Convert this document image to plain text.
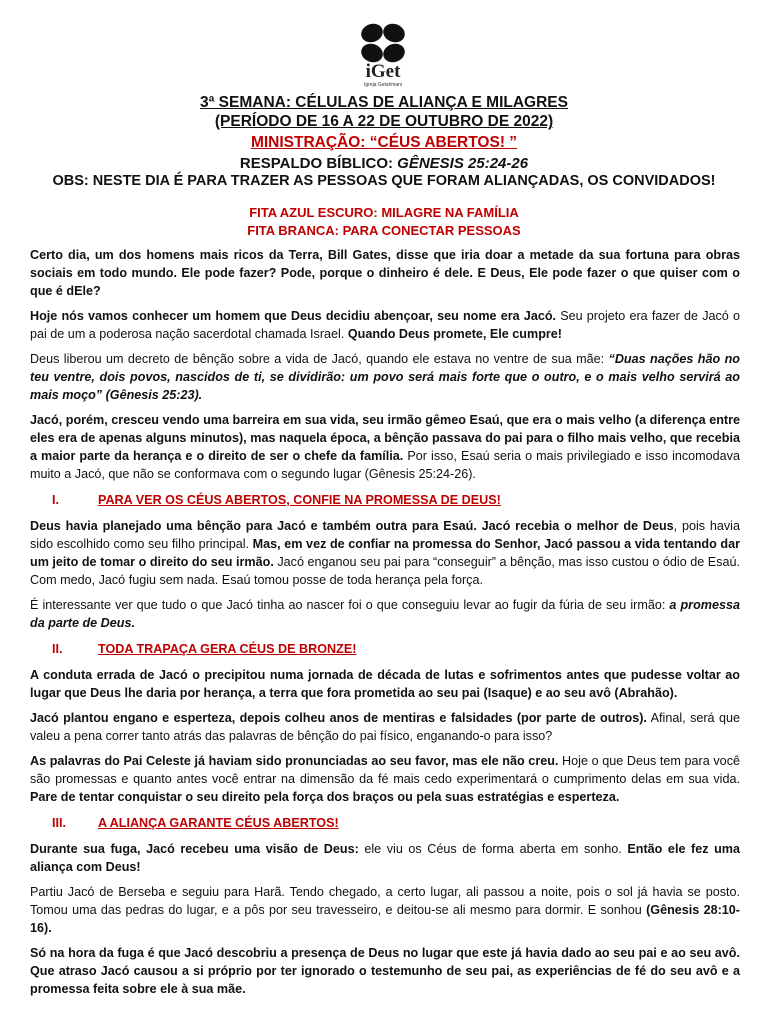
iGet
Igreja Getsêmani
3ª SEMANA: CÉLULAS DE ALIANÇA E MILAGRES
(PERÍODO DE 16 A 22 DE OUTUBRO DE 2022)
MINISTRAÇÃO: “CÉUS ABERTOS! ”
RESPALDO BÍBLICO: GÊNESIS 25:24-26
OBS: NESTE DIA É PARA TRAZER AS PESSOAS QUE FORAM ALIANÇADAS, OS CONVIDADOS!
FITA AZUL ESCURO: MILAGRE NA FAMÍLIA
FITA BRANCA: PARA CONECTAR PESSOAS

Certo dia, um dos homens mais ricos da Terra, Bill Gates, disse que iria doar a metade da sua fortuna para obras sociais em todo mundo. Ele pode fazer? Pode, porque o dinheiro é dele. E Deus, Ele pode fazer o que quiser com o que é dEle?

Hoje nós vamos conhecer um homem que Deus decidiu abençoar, seu nome era Jacó. Seu projeto era fazer de Jacó o pai de um a poderosa nação sacerdotal chamada Israel. Quando Deus promete, Ele cumpre!

Deus liberou um decreto de bênção sobre a vida de Jacó, quando ele estava no ventre de sua mãe: “Duas nações hão no teu ventre, dois povos, nascidos de ti, se dividirão: um povo será mais forte que o outro, e o mais velho servirá ao mais moço” (Gênesis 25:23).

Jacó, porém, cresceu vendo uma barreira em sua vida, seu irmão gêmeo Esaú, que era o mais velho (a diferença entre eles era de apenas alguns minutos), mas naquela época, a bênção passava do pai para o filho mais velho, que recebia a maior parte da herança e o direito de ser o chefe da família. Por isso, Esaú seria o mais privilegiado e isso incomodava muito a Jacó, que não se conformava com o segundo lugar (Gênesis 25:24-26).

I.	PARA VER OS CÉUS ABERTOS, CONFIE NA PROMESSA DE DEUS!

Deus havia planejado uma bênção para Jacó e também outra para Esaú. Jacó recebia o melhor de Deus, pois havia sido escolhido como seu filho principal. Mas, em vez de confiar na promessa do Senhor, Jacó passou a vida tentando dar um jeito de tomar o direito do seu irmão. Jacó enganou seu pai para “conseguir” a bênção, mas isso custou o ódio de Esaú. Com medo, Jacó fugiu sem nada. Esaú tomou posse de toda herança pela força.

É interessante ver que tudo o que Jacó tinha ao nascer foi o que conseguiu levar ao fugir da fúria de seu irmão: a promessa da parte de Deus.

II.	TODA TRAPAÇA GERA CÉUS DE BRONZE!

A conduta errada de Jacó o precipitou numa jornada de década de lutas e sofrimentos antes que pudesse voltar ao lugar que Deus lhe daria por herança, a terra que fora prometida ao seu pai (Isaque) e ao seu avô (Abrahão).

Jacó plantou engano e esperteza, depois colheu anos de mentiras e falsidades (por parte de outros). Afinal, será que valeu a pena correr tanto atrás das palavras de bênção do pai físico, enganando-o para isso?

As palavras do Pai Celeste já haviam sido pronunciadas ao seu favor, mas ele não creu. Hoje o que Deus tem para você são promessas e quanto antes você entrar na dimensão da fé mais cedo experimentará o cumprimento delas em sua vida. Pare de tentar conquistar o seu direito pela força dos braços ou pela suas estratégias e esperteza.

III.	A ALIANÇA GARANTE CÉUS ABERTOS!

Durante sua fuga, Jacó recebeu uma visão de Deus: ele viu os Céus de forma aberta em sonho. Então ele fez uma aliança com Deus!

Partiu Jacó de Berseba e seguiu para Harã. Tendo chegado, a certo lugar, ali passou a noite, pois o sol já havia se posto. Tomou uma das pedras do lugar, e a pôs por seu travesseiro, e deitou-se ali mesmo para dormir. E sonhou (Gênesis 28:10-16).

Só na hora da fuga é que Jacó descobriu a presença de Deus no lugar que este já havia dado ao seu pai e ao seu avô. Que atraso Jacó causou a si próprio por ter ignorado o testemunho de seu pai, as experiências de fé do seu avô e a promessa feita sobre ele à sua mãe.
